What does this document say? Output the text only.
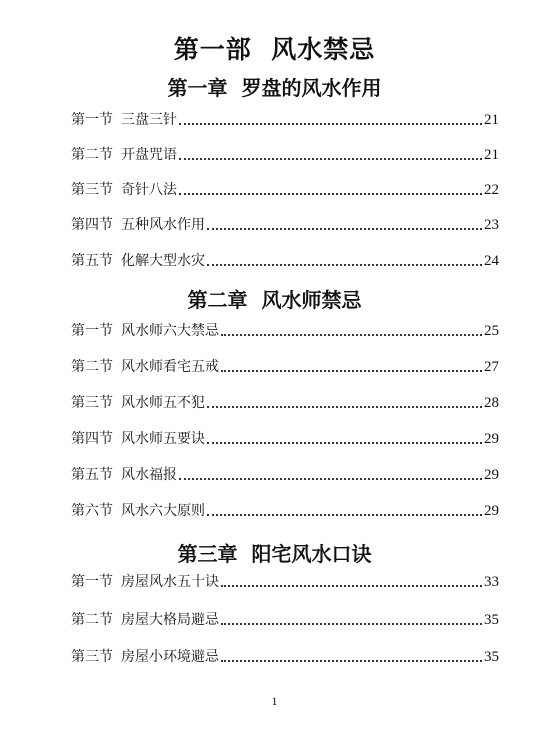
第一部  风水禁忌
第一章  罗盘的风水作用
第一节 三盘三针	21
第二节 开盘咒语	21
第三节 奇针八法	22
第四节 五种风水作用	23
第五节 化解大型水灾	24
第二章  风水师禁忌
第一节 风水师六大禁忌	25
第二节 风水师看宅五戒	27
第三节 风水师五不犯	28
第四节 风水师五要诀	29
第五节 风水福报	29
第六节 风水六大原则	29
第三章  阳宅风水口诀
第一节 房屋风水五十诀	33
第二节 房屋大格局避忌	35
第三节 房屋小环境避忌	35
1
